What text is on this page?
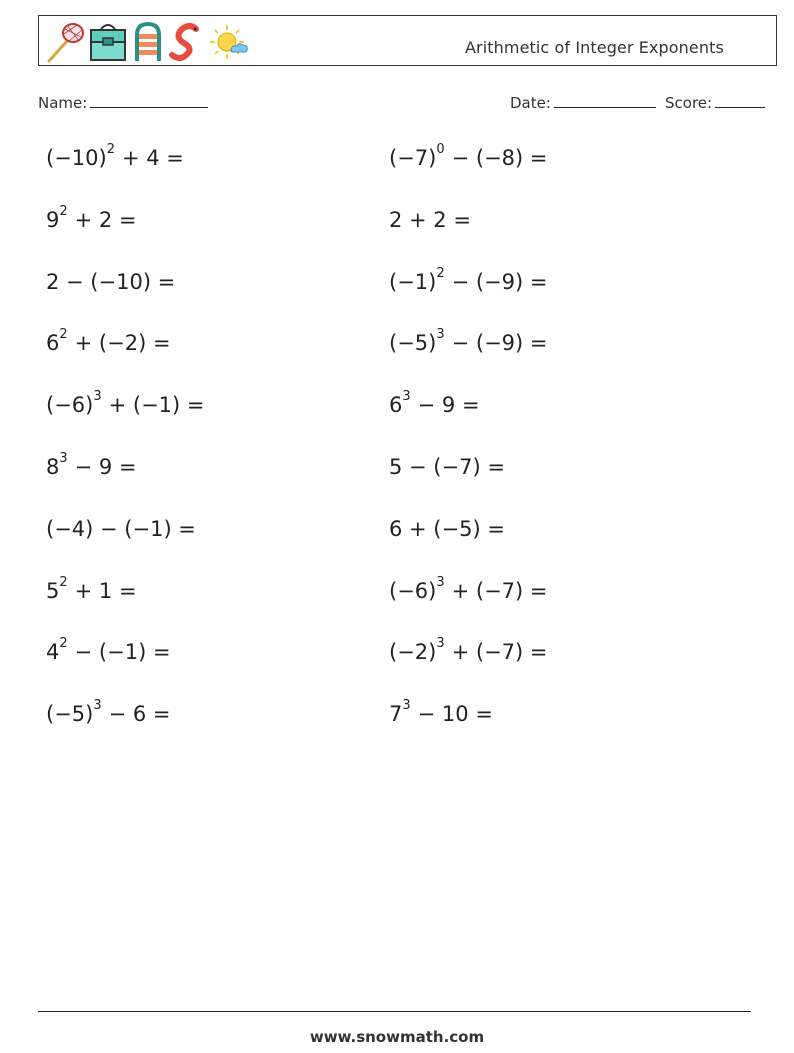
Arithmetic of Integer Exponents
Name:	Date:	Score:
$(-10)^2 + 4$ =	$(-7)^0 - (-8)$ =
$9^2 + 2$ =	2 + 2 =
2 − (−10) =	$(-1)^2 - (-9)$ =
$6^2 + (-2)$ =	$(-5)^3 - (-9)$ =
$(-6)^3 + (-1)$ =	$6^3 - 9$ =
$8^3 - 9$ =	5 − (−7) =
(−4) − (−1) =	6 + (−5) =
$5^2 + 1$ =	$(-6)^3 + (-7)$ =
$4^2 - (-1)$ =	$(-2)^3 + (-7)$ =
$(-5)^3 - 6$ =	$7^3 - 10$ =
www.snowmath.com
